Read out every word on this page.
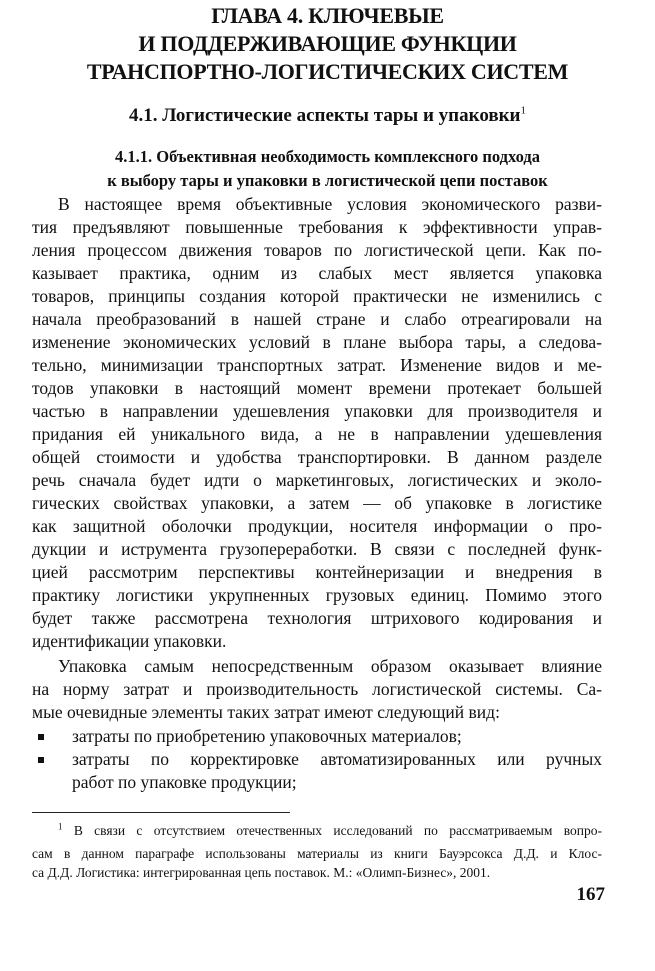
ГЛАВА 4. КЛЮЧЕВЫЕ
И ПОДДЕРЖИВАЮЩИЕ ФУНКЦИИ
ТРАНСПОРТНО-ЛОГИСТИЧЕСКИХ СИСТЕМ
4.1. Логистические аспекты тары и упаковки$^1$
4.1.1. Объективная необходимость комплексного подхода
к выбору тары и упаковки в логистической цепи поставок
В настоящее время объективные условия экономического разви-
тия предъявляют повышенные требования к эффективности управ-
ления процессом движения товаров по логистической цепи. Как по-
казывает практика, одним из слабых мест является упаковка
товаров, принципы создания которой практически не изменились с
начала преобразований в нашей стране и слабо отреагировали на
изменение экономических условий в плане выбора тары, а следова-
тельно, минимизации транспортных затрат. Изменение видов и ме-
тодов упаковки в настоящий момент времени протекает большей
частью в направлении удешевления упаковки для производителя и
придания ей уникального вида, а не в направлении удешевления
общей стоимости и удобства транспортировки. В данном разделе
речь сначала будет идти о маркетинговых, логистических и эколо-
гических свойствах упаковки, а затем — об упаковке в логистике
как защитной оболочки продукции, носителя информации о про-
дукции и иструмента грузопереработки. В связи с последней функ-
цией рассмотрим перспективы контейнеризации и внедрения в
практику логистики укрупненных грузовых единиц. Помимо этого
будет также рассмотрена технология штрихового кодирования и
идентификации упаковки.
Упаковка самым непосредственным образом оказывает влияние
на норму затрат и производительность логистической системы. Са-
мые очевидные элементы таких затрат имеют следующий вид:
затраты по приобретению упаковочных материалов;
затраты по корректировке автоматизированных или ручных
работ по упаковке продукции;
$^1$ В связи с отсутствием отечественных исследований по рассматриваемым вопро-
сам в данном параграфе использованы материалы из книги Бауэрсокса Д.Д. и Клос-
са Д.Д. Логистика: интегрированная цепь поставок. М.: «Олимп-Бизнес», 2001.
167
